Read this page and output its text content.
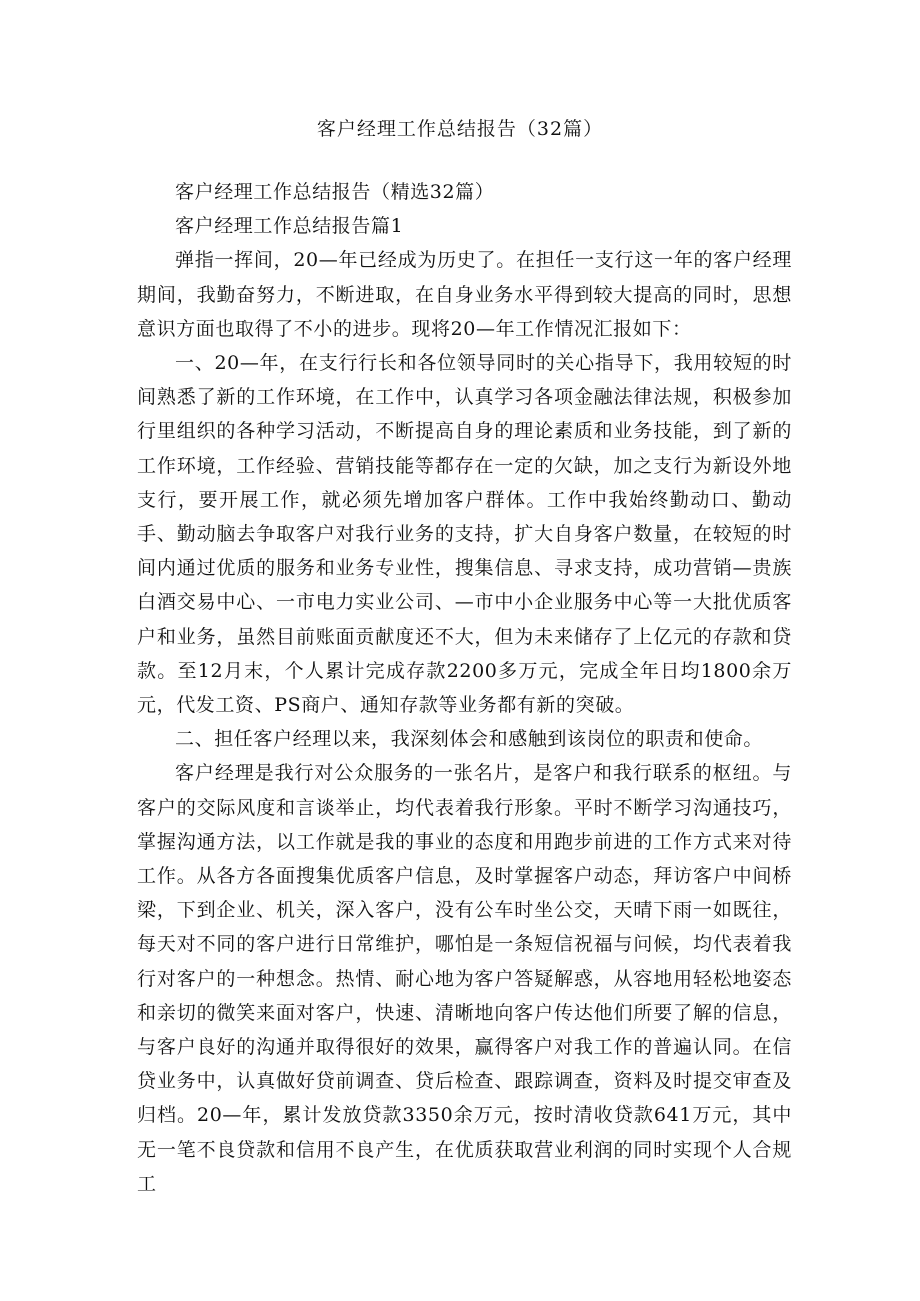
客户经理工作总结报告（32篇）

客户经理工作总结报告（精选32篇）

客户经理工作总结报告篇1

弹指一挥间，20—年已经成为历史了。在担任一支行这一年的客户经理期间，我勤奋努力，不断进取，在自身业务水平得到较大提高的同时，思想意识方面也取得了不小的进步。现将20—年工作情况汇报如下：

一、20—年，在支行行长和各位领导同时的关心指导下，我用较短的时间熟悉了新的工作环境，在工作中，认真学习各项金融法律法规，积极参加行里组织的各种学习活动，不断提高自身的理论素质和业务技能，到了新的工作环境，工作经验、营销技能等都存在一定的欠缺，加之支行为新设外地支行，要开展工作，就必须先增加客户群体。工作中我始终勤动口、勤动手、勤动脑去争取客户对我行业务的支持，扩大自身客户数量，在较短的时间内通过优质的服务和业务专业性，搜集信息、寻求支持，成功营销—贵族白酒交易中心、一市电力实业公司、—市中小企业服务中心等一大批优质客户和业务，虽然目前账面贡献度还不大，但为未来储存了上亿元的存款和贷款。至12月末，个人累计完成存款2200多万元，完成全年日均1800余万元，代发工资、PS商户、通知存款等业务都有新的突破。

二、担任客户经理以来，我深刻体会和感触到该岗位的职责和使命。

客户经理是我行对公众服务的一张名片，是客户和我行联系的枢纽。与客户的交际风度和言谈举止，均代表着我行形象。平时不断学习沟通技巧，掌握沟通方法，以工作就是我的事业的态度和用跑步前进的工作方式来对待工作。从各方各面搜集优质客户信息，及时掌握客户动态，拜访客户中间桥梁，下到企业、机关，深入客户，没有公车时坐公交，天晴下雨一如既往，每天对不同的客户进行日常维护，哪怕是一条短信祝福与问候，均代表着我行对客户的一种想念。热情、耐心地为客户答疑解惑，从容地用轻松地姿态和亲切的微笑来面对客户，快速、清晰地向客户传达他们所要了解的信息，与客户良好的沟通并取得很好的效果，赢得客户对我工作的普遍认同。在信贷业务中，认真做好贷前调查、贷后检查、跟踪调查，资料及时提交审查及归档。20—年，累计发放贷款3350余万元，按时清收贷款641万元，其中无一笔不良贷款和信用不良产生，在优质获取营业利润的同时实现个人合规工
